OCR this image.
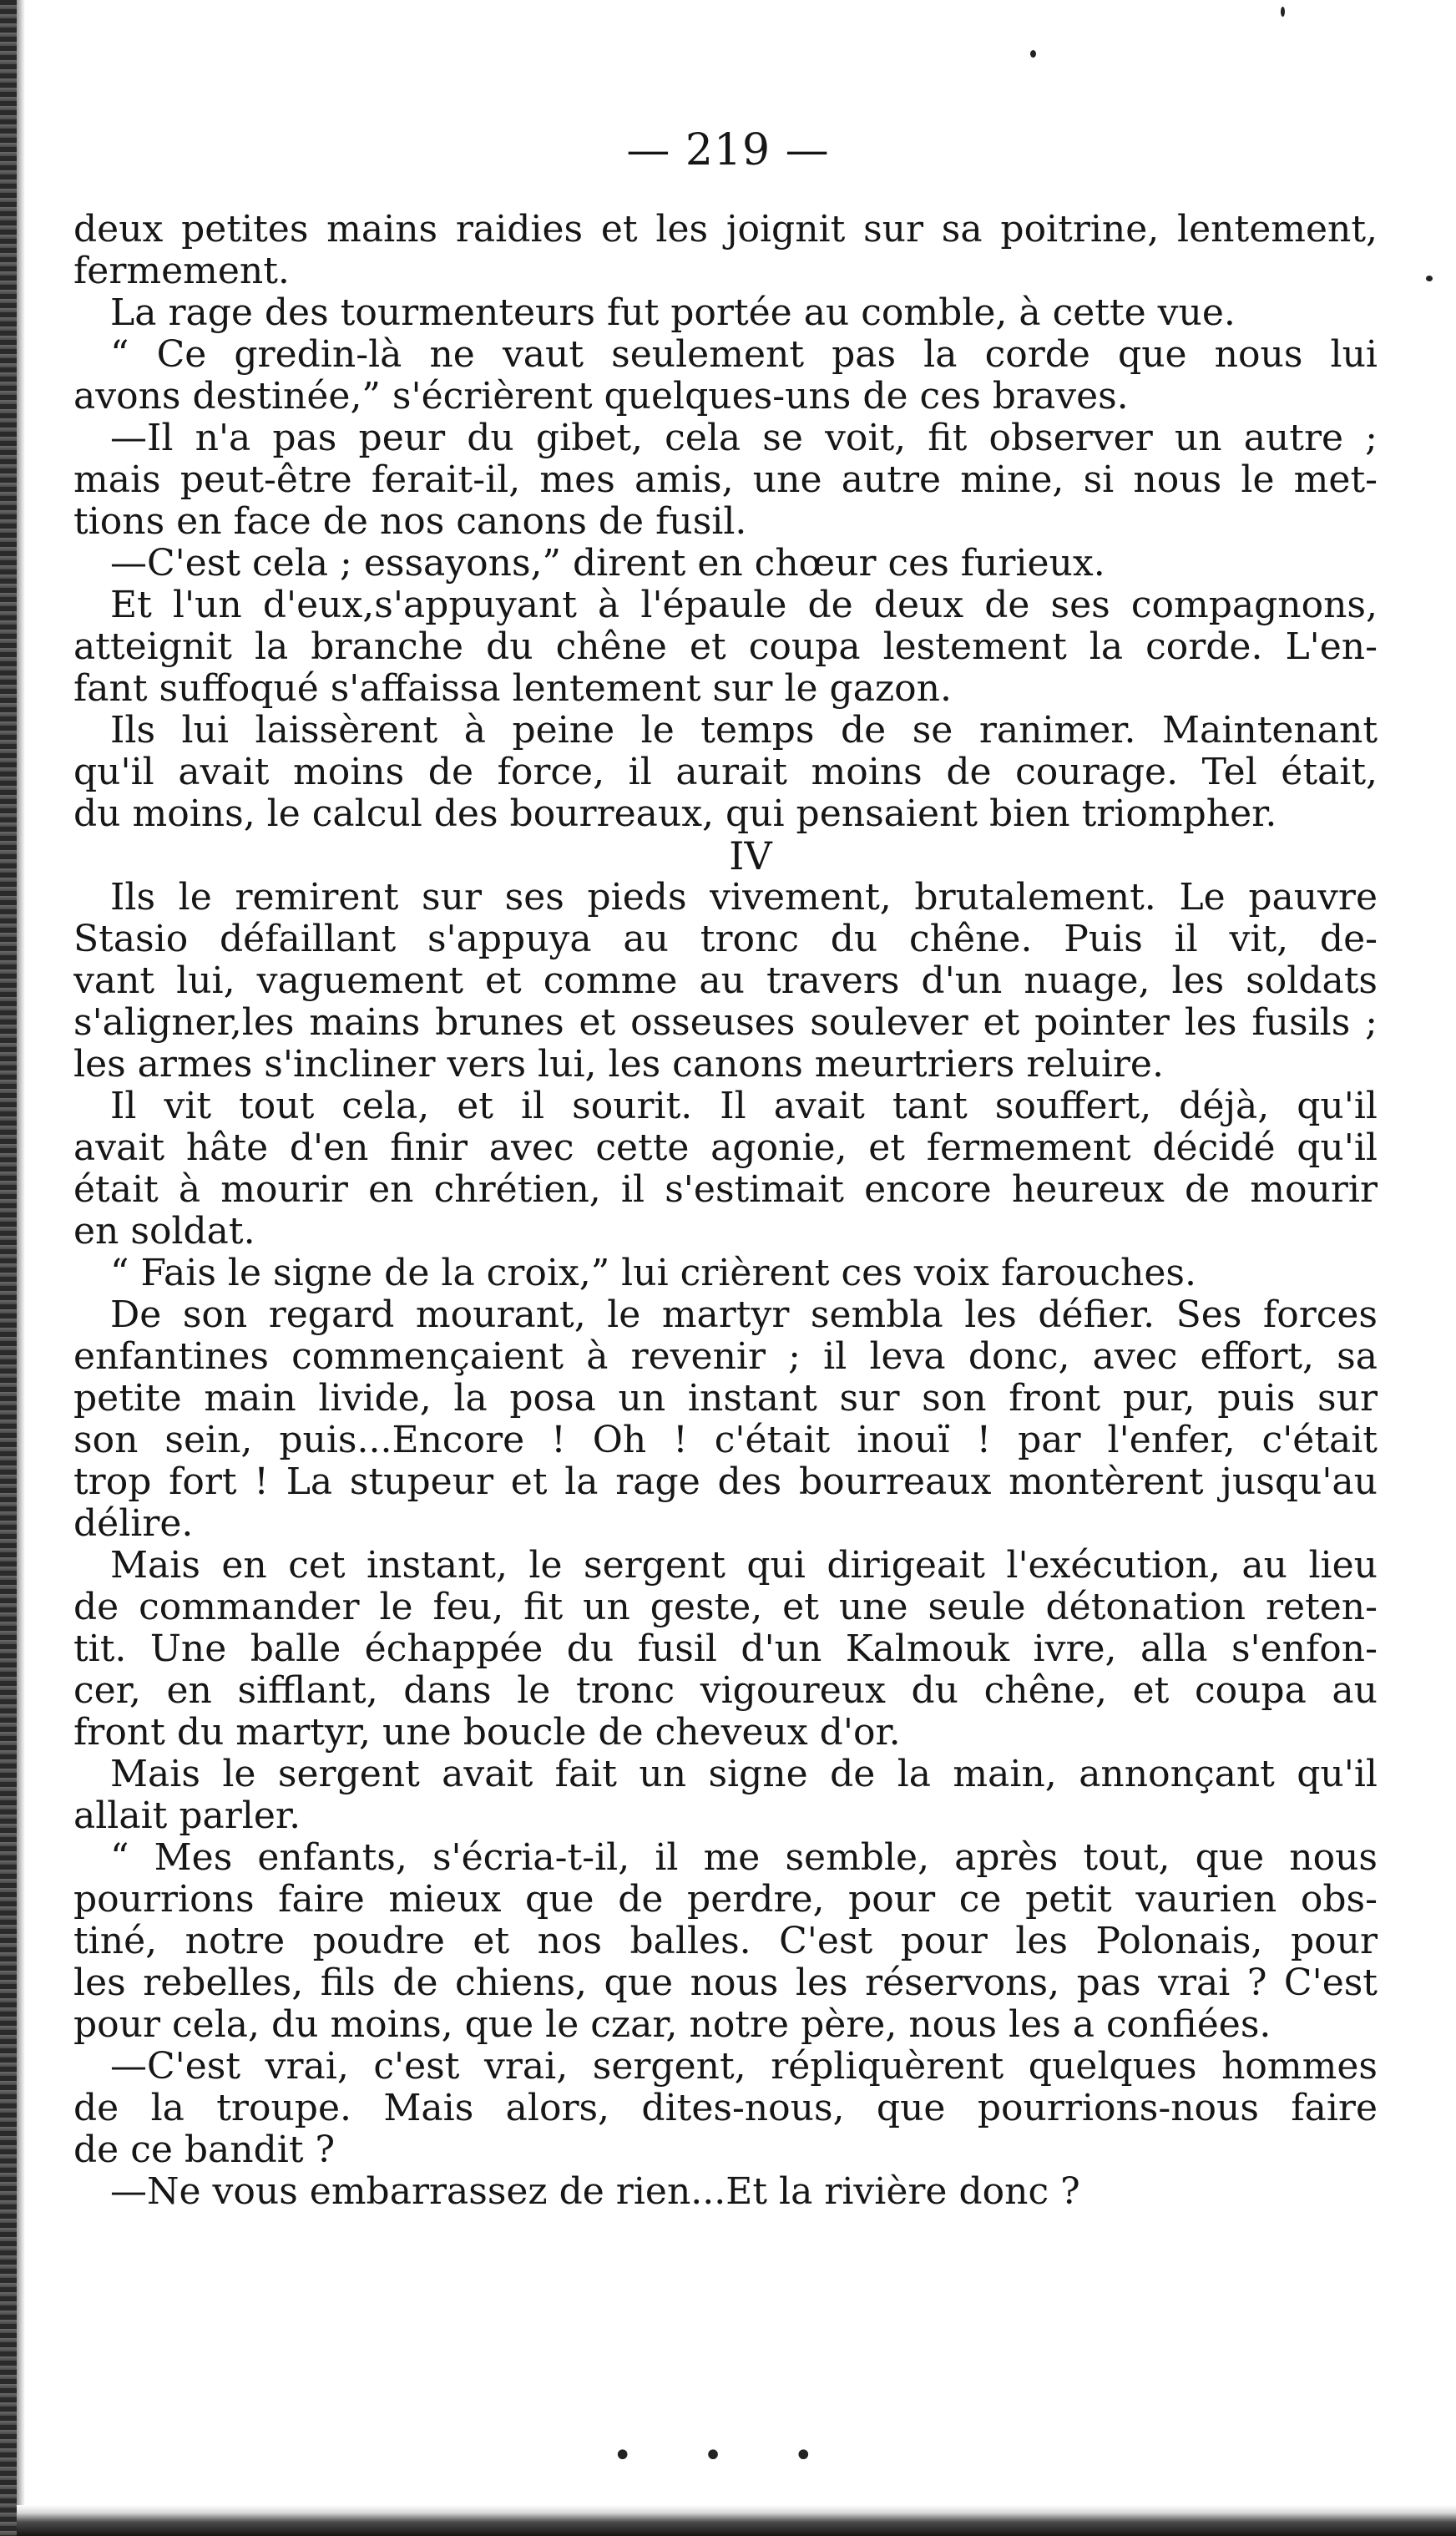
— 219 —
deux petites mains raidies et les joignit sur sa poitrine, lentement,
fermement.
La rage des tourmenteurs fut portée au comble, à cette vue.
“ Ce gredin-là ne vaut seulement pas la corde que nous lui
avons destinée,” s'écrièrent quelques-uns de ces braves.
—Il n'a pas peur du gibet, cela se voit, fit observer un autre ;
mais peut-être ferait-il, mes amis, une autre mine, si nous le met-
tions en face de nos canons de fusil.
—C'est cela ; essayons,” dirent en chœur ces furieux.
Et l'un d'eux,s'appuyant à l'épaule de deux de ses compagnons,
atteignit la branche du chêne et coupa lestement la corde. L'en-
fant suffoqué s'affaissa lentement sur le gazon.
Ils lui laissèrent à peine le temps de se ranimer. Maintenant
qu'il avait moins de force, il aurait moins de courage. Tel était,
du moins, le calcul des bourreaux, qui pensaient bien triompher.
IV
Ils le remirent sur ses pieds vivement, brutalement. Le pauvre
Stasio défaillant s'appuya au tronc du chêne. Puis il vit, de-
vant lui, vaguement et comme au travers d'un nuage, les soldats
s'aligner,les mains brunes et osseuses soulever et pointer les fusils ;
les armes s'incliner vers lui, les canons meurtriers reluire.
Il vit tout cela, et il sourit. Il avait tant souffert, déjà, qu'il
avait hâte d'en finir avec cette agonie, et fermement décidé qu'il
était à mourir en chrétien, il s'estimait encore heureux de mourir
en soldat.
“ Fais le signe de la croix,” lui crièrent ces voix farouches.
De son regard mourant, le martyr sembla les défier. Ses forces
enfantines commençaient à revenir ; il leva donc, avec effort, sa
petite main livide, la posa un instant sur son front pur, puis sur
son sein, puis...Encore ! Oh ! c'était inouï ! par l'enfer, c'était
trop fort ! La stupeur et la rage des bourreaux montèrent jusqu'au
délire.
Mais en cet instant, le sergent qui dirigeait l'exécution, au lieu
de commander le feu, fit un geste, et une seule détonation reten-
tit. Une balle échappée du fusil d'un Kalmouk ivre, alla s'enfon-
cer, en sifflant, dans le tronc vigoureux du chêne, et coupa au
front du martyr, une boucle de cheveux d'or.
Mais le sergent avait fait un signe de la main, annonçant qu'il
allait parler.
“ Mes enfants, s'écria-t-il, il me semble, après tout, que nous
pourrions faire mieux que de perdre, pour ce petit vaurien obs-
tiné, notre poudre et nos balles. C'est pour les Polonais, pour
les rebelles, fils de chiens, que nous les réservons, pas vrai ? C'est
pour cela, du moins, que le czar, notre père, nous les a confiées.
—C'est vrai, c'est vrai, sergent, répliquèrent quelques hommes
de la troupe. Mais alors, dites-nous, que pourrions-nous faire
de ce bandit ?
—Ne vous embarrassez de rien...Et la rivière donc ?
• • •
